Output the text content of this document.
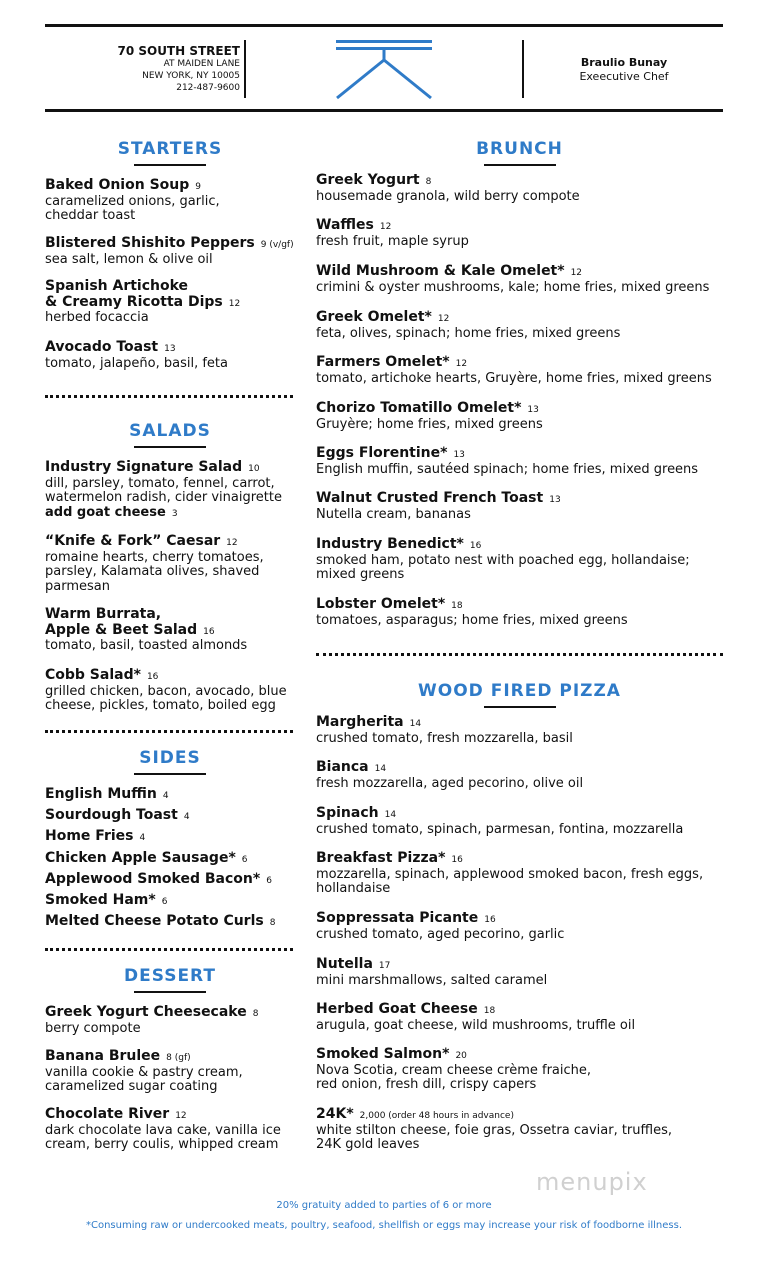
70 SOUTH STREET
AT MAIDEN LANE
NEW YORK, NY 10005
212-487-9600
Braulio Bunay
Exeecutive Chef
STARTERS
Baked Onion Soup 9
caramelized onions, garlic,
cheddar toast
Blistered Shishito Peppers 9 (v/gf)
sea salt, lemon & olive oil
Spanish Artichoke
& Creamy Ricotta Dips 12
herbed focaccia
Avocado Toast 13
tomato, jalapeño, basil, feta
SALADS
Industry Signature Salad 10
dill, parsley, tomato, fennel, carrot,
watermelon radish, cider vinaigrette
add goat cheese 3
“Knife & Fork” Caesar 12
romaine hearts, cherry tomatoes,
parsley, Kalamata olives, shaved
parmesan
Warm Burrata,
Apple & Beet Salad 16
tomato, basil, toasted almonds
Cobb Salad* 16
grilled chicken, bacon, avocado, blue
cheese, pickles, tomato, boiled egg
SIDES
English Muffin 4
Sourdough Toast 4
Home Fries 4
Chicken Apple Sausage* 6
Applewood Smoked Bacon* 6
Smoked Ham* 6
Melted Cheese Potato Curls 8
DESSERT
Greek Yogurt Cheesecake 8
berry compote
Banana Brulee 8 (gf)
vanilla cookie & pastry cream,
caramelized sugar coating
Chocolate River 12
dark chocolate lava cake, vanilla ice
cream, berry coulis, whipped cream
BRUNCH
Greek Yogurt 8
housemade granola, wild berry compote
Waffles 12
fresh fruit, maple syrup
Wild Mushroom & Kale Omelet* 12
crimini & oyster mushrooms, kale; home fries, mixed greens
Greek Omelet* 12
feta, olives, spinach; home fries, mixed greens
Farmers Omelet* 12
tomato, artichoke hearts, Gruyère, home fries, mixed greens
Chorizo Tomatillo Omelet* 13
Gruyère; home fries, mixed greens
Eggs Florentine* 13
English muffin, sautéed spinach; home fries, mixed greens
Walnut Crusted French Toast 13
Nutella cream, bananas
Industry Benedict* 16
smoked ham, potato nest with poached egg, hollandaise;
mixed greens
Lobster Omelet* 18
tomatoes, asparagus; home fries, mixed greens
WOOD FIRED PIZZA
Margherita 14
crushed tomato, fresh mozzarella, basil
Bianca 14
fresh mozzarella, aged pecorino, olive oil
Spinach 14
crushed tomato, spinach, parmesan, fontina, mozzarella
Breakfast Pizza* 16
mozzarella, spinach, applewood smoked bacon, fresh eggs,
hollandaise
Soppressata Picante 16
crushed tomato, aged pecorino, garlic
Nutella 17
mini marshmallows, salted caramel
Herbed Goat Cheese 18
arugula, goat cheese, wild mushrooms, truffle oil
Smoked Salmon* 20
Nova Scotia, cream cheese crème fraiche,
red onion, fresh dill, crispy capers
24K* 2,000 (order 48 hours in advance)
white stilton cheese, foie gras, Ossetra caviar, truffles,
24K gold leaves
menupix
20% gratuity added to parties of 6 or more
*Consuming raw or undercooked meats, poultry, seafood, shellfish or eggs may increase your risk of foodborne illness.
